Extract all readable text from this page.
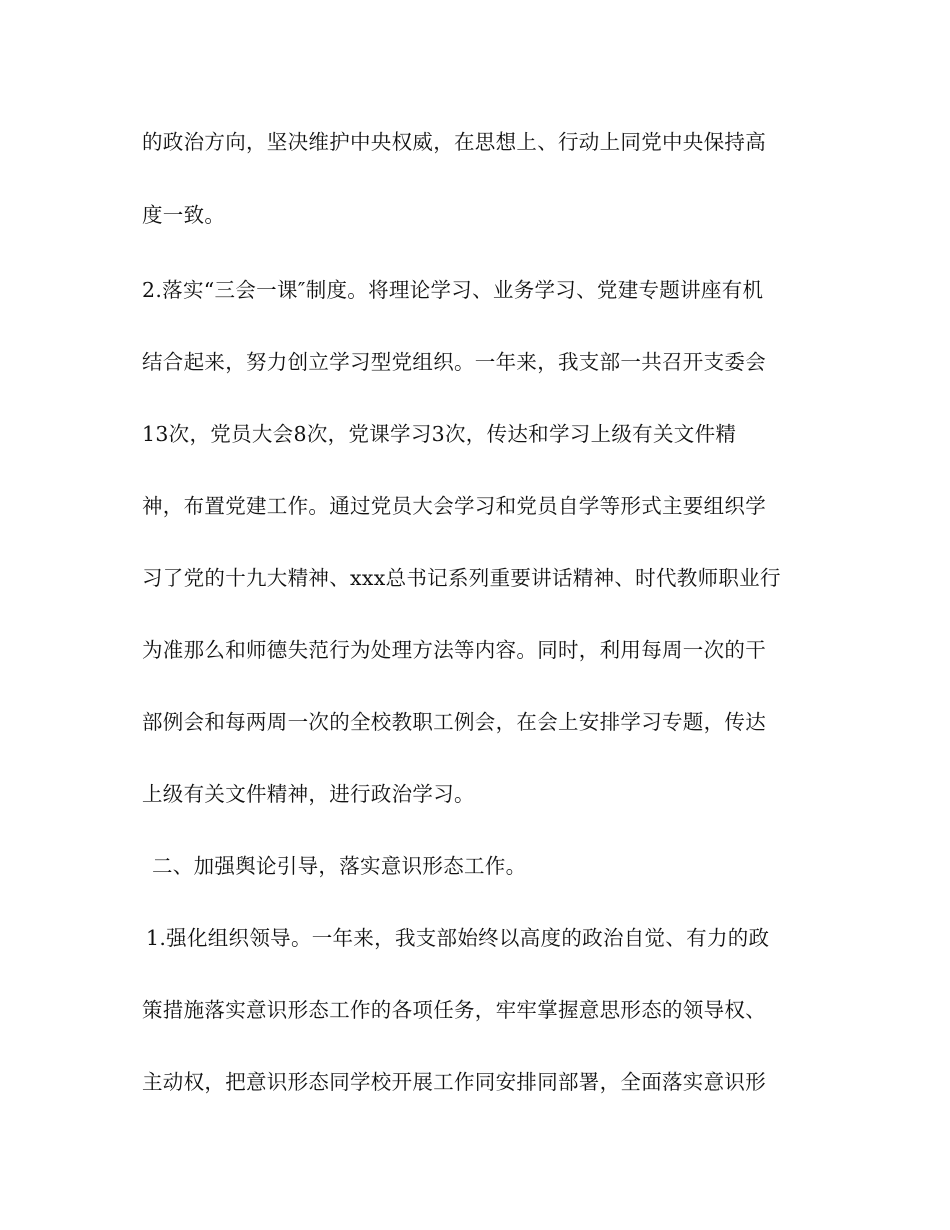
的政治方向，坚决维护中央权威，在思想上、行动上同党中央保持高
度一致。
2.落实“三会一课″制度。将理论学习、业务学习、党建专题讲座有机
结合起来，努力创立学习型党组织。一年来，我支部一共召开支委会
13次，党员大会8次，党课学习3次，传达和学习上级有关文件精
神，布置党建工作。通过党员大会学习和党员自学等形式主要组织学
习了党的十九大精神、xxx总书记系列重要讲话精神、时代教师职业行
为准那么和师德失范行为处理方法等内容。同时，利用每周一次的干
部例会和每两周一次的全校教职工例会，在会上安排学习专题，传达
上级有关文件精神，进行政治学习。
二、加强舆论引导，落实意识形态工作。
1.强化组织领导。一年来，我支部始终以高度的政治自觉、有力的政
策措施落实意识形态工作的各项任务，牢牢掌握意思形态的领导权、
主动权，把意识形态同学校开展工作同安排同部署，全面落实意识形
